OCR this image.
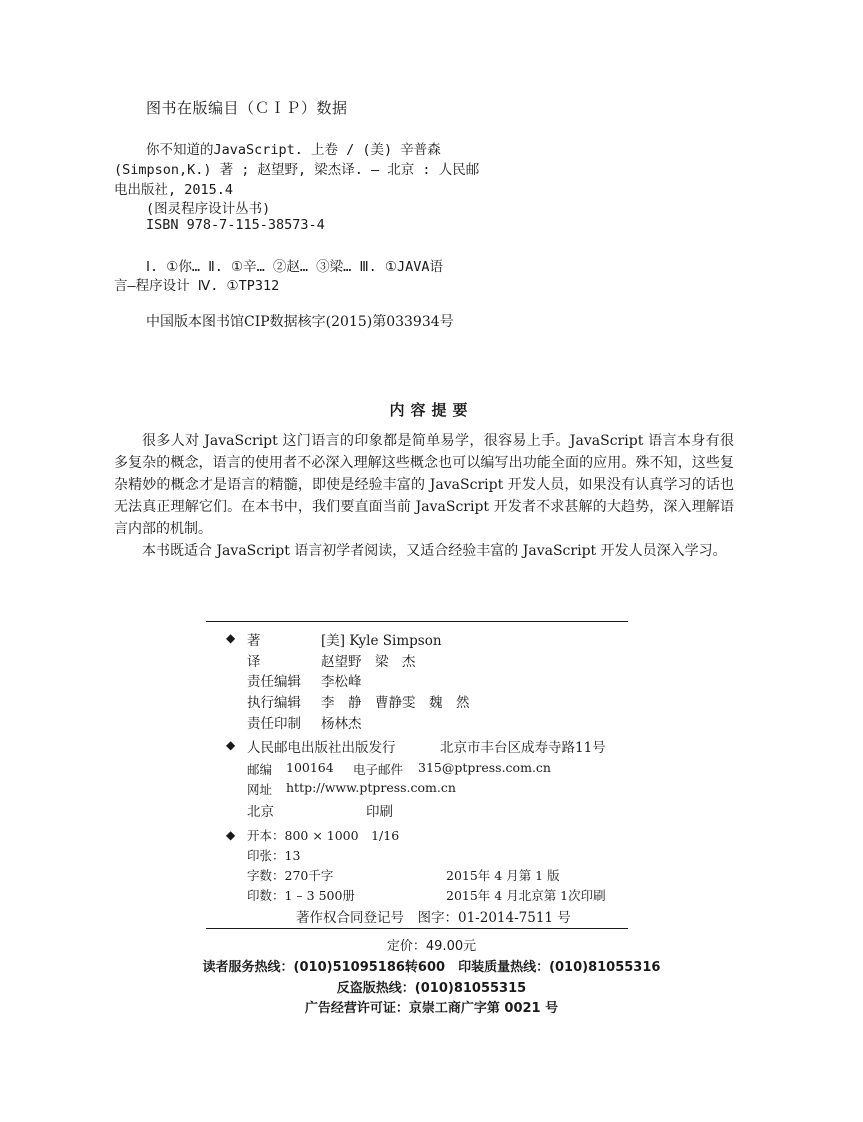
图书在版编目（ＣＩＰ）数据
你不知道的JavaScript. 上卷 / (美) 辛普森
(Simpson,K.) 著 ; 赵望野, 梁杰译. — 北京 : 人民邮
电出版社, 2015.4
(图灵程序设计丛书)
ISBN 978-7-115-38573-4
Ⅰ. ①你… Ⅱ. ①辛… ②赵… ③梁… Ⅲ. ①JAVA语
言—程序设计 Ⅳ. ①TP312
中国版本图书馆CIP数据核字(2015)第033934号
内容提要

很多人对 JavaScript 这门语言的印象都是简单易学，很容易上手。JavaScript 语言本身有很多复杂的概念，语言的使用者不必深入理解这些概念也可以编写出功能全面的应用。殊不知，这些复杂精妙的概念才是语言的精髓，即使是经验丰富的 JavaScript 开发人员，如果没有认真学习的话也无法真正理解它们。在本书中，我们要直面当前 JavaScript 开发者不求甚解的大趋势，深入理解语言内部的机制。

本书既适合 JavaScript 语言初学者阅读，又适合经验丰富的 JavaScript 开发人员深入学习。

◆ 著	[美] Kyle Simpson
译	赵望野　梁　杰
责任编辑 李松峰
执行编辑 李　静　曹静雯　魏　然
责任印制 杨林杰
◆ 人民邮电出版社出版发行	北京市丰台区成寿寺路11号
邮编 100164 电子邮件 315@ptpress.com.cn
网址 http://www.ptpress.com.cn
北京	印刷
◆ 开本：800 × 1000　1/16
印张：13
字数：270千字	2015年 4 月第 1 版
印数：1 – 3 500册	2015年 4 月北京第 1次印刷
著作权合同登记号　图字：01-2014-7511 号
定价：49.00元
读者服务热线：(010)51095186转600　印装质量热线：(010)81055316
反盗版热线：(010)81055315
广告经营许可证：京崇工商广字第 0021 号
